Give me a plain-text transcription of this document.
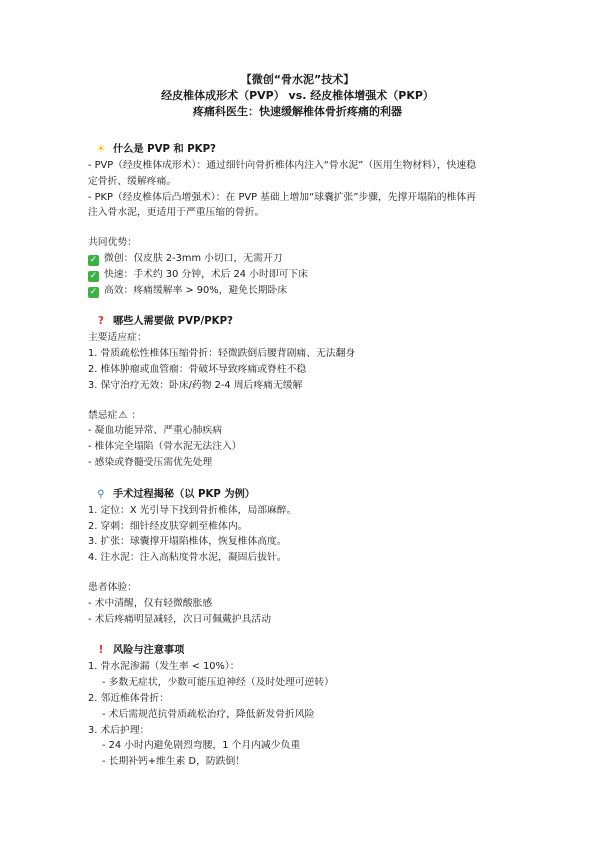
【微创“骨水泥”技术】
经皮椎体成形术（PVP） vs. 经皮椎体增强术（PKP）
疼痛科医生：快速缓解椎体骨折疼痛的利器
☀ 什么是 PVP 和 PKP?
- PVP（经皮椎体成形术）：通过细针向骨折椎体内注入“骨水泥”（医用生物材料），快速稳
定骨折、缓解疼痛。
- PKP（经皮椎体后凸增强术）：在 PVP 基础上增加“球囊扩张”步骤，先撑开塌陷的椎体再
注入骨水泥，更适用于严重压缩的骨折。
共同优势：
✓ 微创：仅皮肤 2-3mm 小切口，无需开刀
✓ 快速：手术约 30 分钟，术后 24 小时即可下床
✓ 高效：疼痛缓解率 > 90%，避免长期卧床
? 哪些人需要做 PVP/PKP?
主要适应症：
1. 骨质疏松性椎体压缩骨折：轻微跌倒后腰背剧痛、无法翻身
2. 椎体肿瘤或血管瘤：骨破坏导致疼痛或脊柱不稳
3. 保守治疗无效：卧床/药物 2-4 周后疼痛无缓解
禁忌症⚠ ：
- 凝血功能异常、严重心肺疾病
- 椎体完全塌陷（骨水泥无法注入）
- 感染或脊髓受压需优先处理
⚲ 手术过程揭秘（以 PKP 为例）
1. 定位：X 光引导下找到骨折椎体，局部麻醉。
2. 穿刺：细针经皮肤穿刺至椎体内。
3. 扩张：球囊撑开塌陷椎体，恢复椎体高度。
4. 注水泥：注入高粘度骨水泥，凝固后拔针。
患者体验：
- 术中清醒，仅有轻微酸胀感
- 术后疼痛明显减轻，次日可佩戴护具活动
! 风险与注意事项
1. 骨水泥渗漏（发生率 < 10%）：
- 多数无症状，少数可能压迫神经（及时处理可逆转）
2. 邻近椎体骨折：
- 术后需规范抗骨质疏松治疗，降低新发骨折风险
3. 术后护理：
- 24 小时内避免剧烈弯腰，1 个月内减少负重
- 长期补钙+维生素 D，防跌倒！
